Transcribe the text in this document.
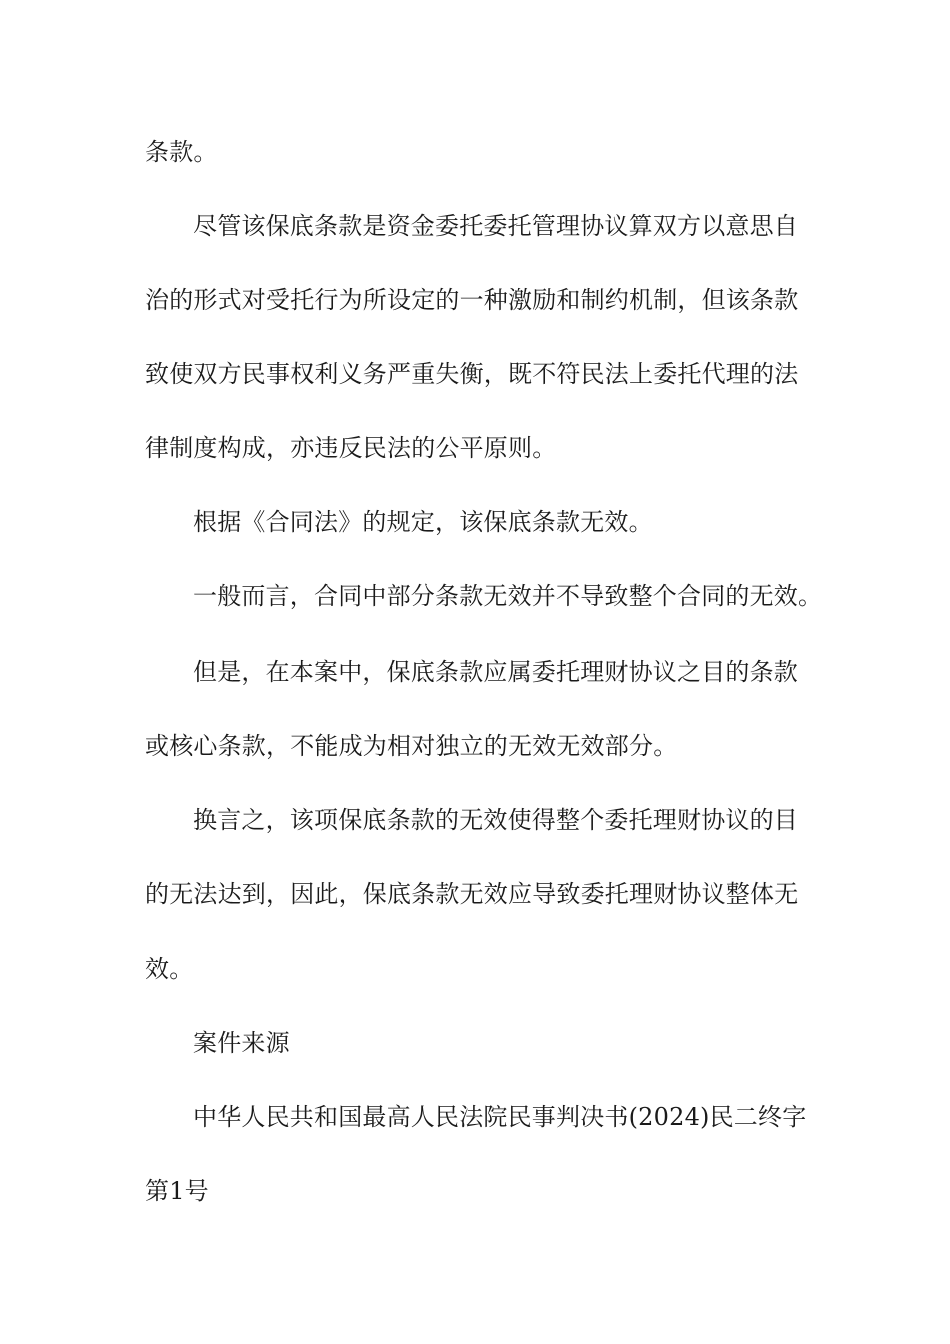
条款。
尽管该保底条款是资金委托委托管理协议算双方以意思自
治的形式对受托行为所设定的一种激励和制约机制，但该条款
致使双方民事权利义务严重失衡，既不符民法上委托代理的法
律制度构成，亦违反民法的公平原则。
根据《合同法》的规定，该保底条款无效。
一般而言，合同中部分条款无效并不导致整个合同的无效。
但是，在本案中，保底条款应属委托理财协议之目的条款
或核心条款，不能成为相对独立的无效无效部分。
换言之，该项保底条款的无效使得整个委托理财协议的目
的无法达到，因此，保底条款无效应导致委托理财协议整体无
效。
案件来源
中华人民共和国最高人民法院民事判决书(2024)民二终字
第1号
